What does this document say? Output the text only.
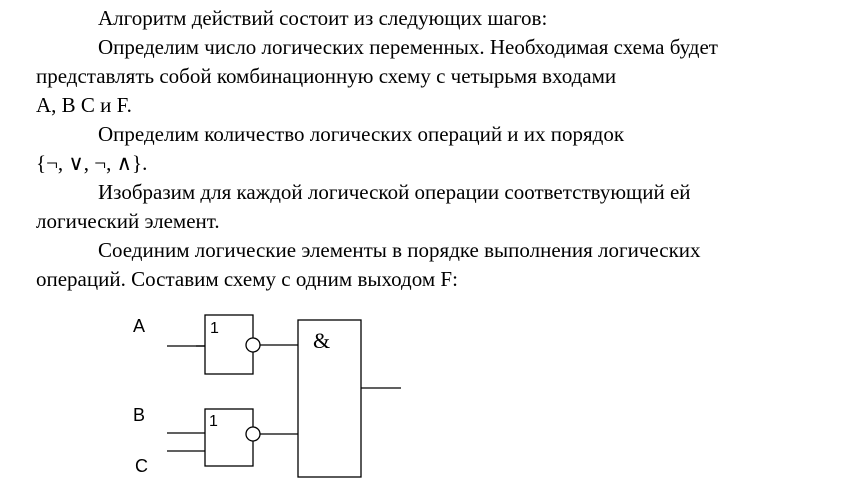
Алгоритм действий состоит из следующих шагов:
Определим число логических переменных. Необходимая схема будет
представлять собой комбинационную схему с четырьмя входами
A, B C и F.
Определим количество логических операций и их порядок
{¬, ∨, ¬, ∧}.
Изобразим для каждой логической операции соответствующий ей
логический элемент.
Соединим логические элементы в порядке выполнения логических
операций. Составим схему с одним выходом F:
A
B
C
1
1
&
